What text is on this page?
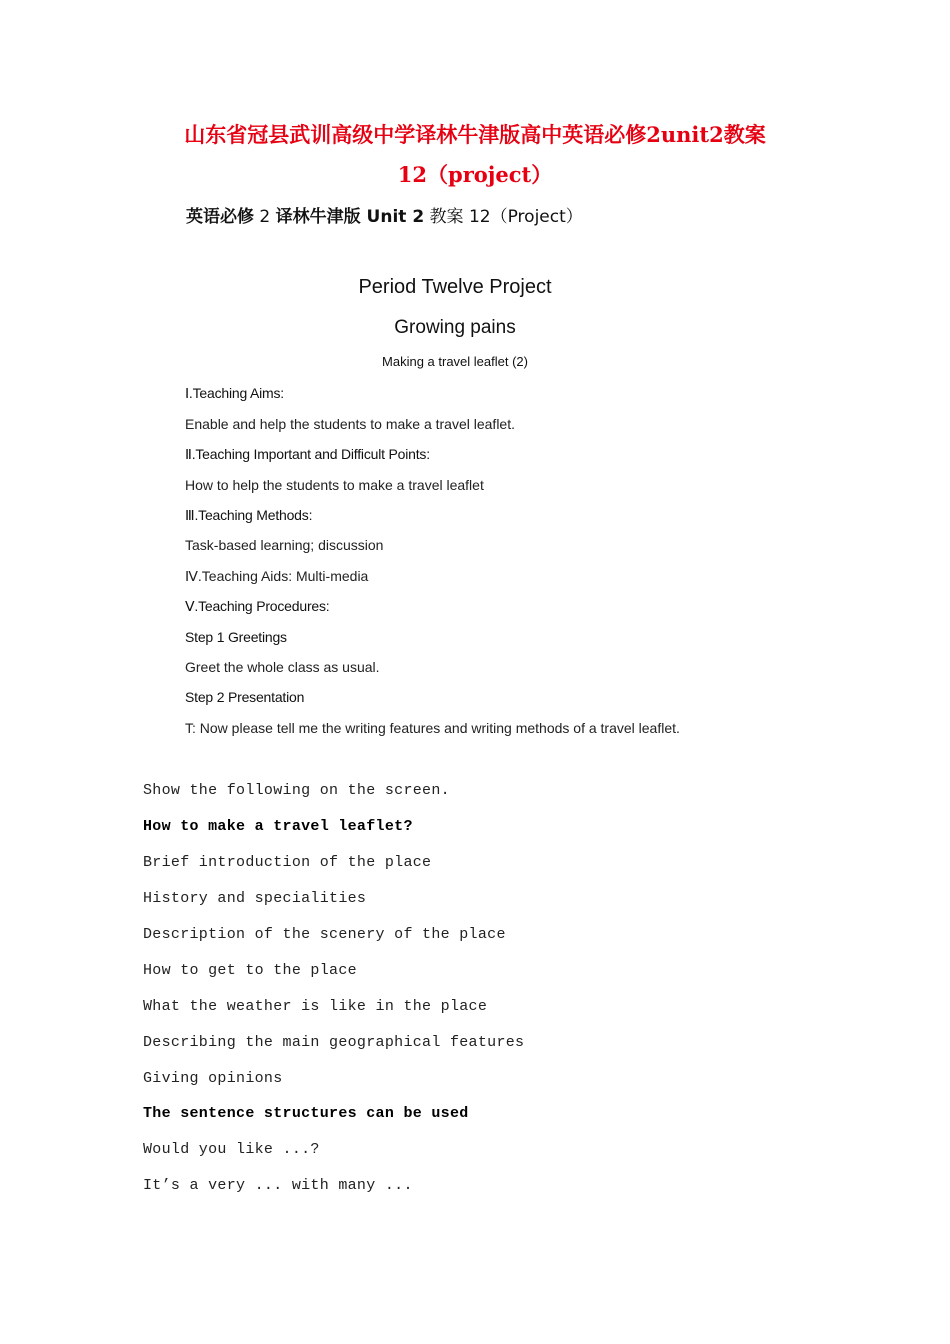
山东省冠县武训高级中学译林牛津版高中英语必修2unit2教案
12（project）
英语必修 2 译林牛津版 Unit 2 教案 12（Project）
Period Twelve Project
Growing pains
Making a travel leaflet (2)
Ⅰ.Teaching Aims:
Enable and help the students to make a travel leaflet.
Ⅱ.Teaching Important and Difficult Points:
How to help the students to make a travel leaflet
Ⅲ.Teaching Methods:
Task-based learning; discussion
Ⅳ.Teaching Aids: Multi-media
Ⅴ.Teaching Procedures:
Step 1 Greetings
Greet the whole class as usual.
Step 2 Presentation
T: Now please tell me the writing features and writing methods of a travel leaflet.
Show the following on the screen.
How to make a travel leaflet?
Brief introduction of the place
History and specialities
Description of the scenery of the place
How to get to the place
What the weather is like in the place
Describing the main geographical features
Giving opinions
The sentence structures can be used
Would you like ...?
It’s a very ... with many ...
